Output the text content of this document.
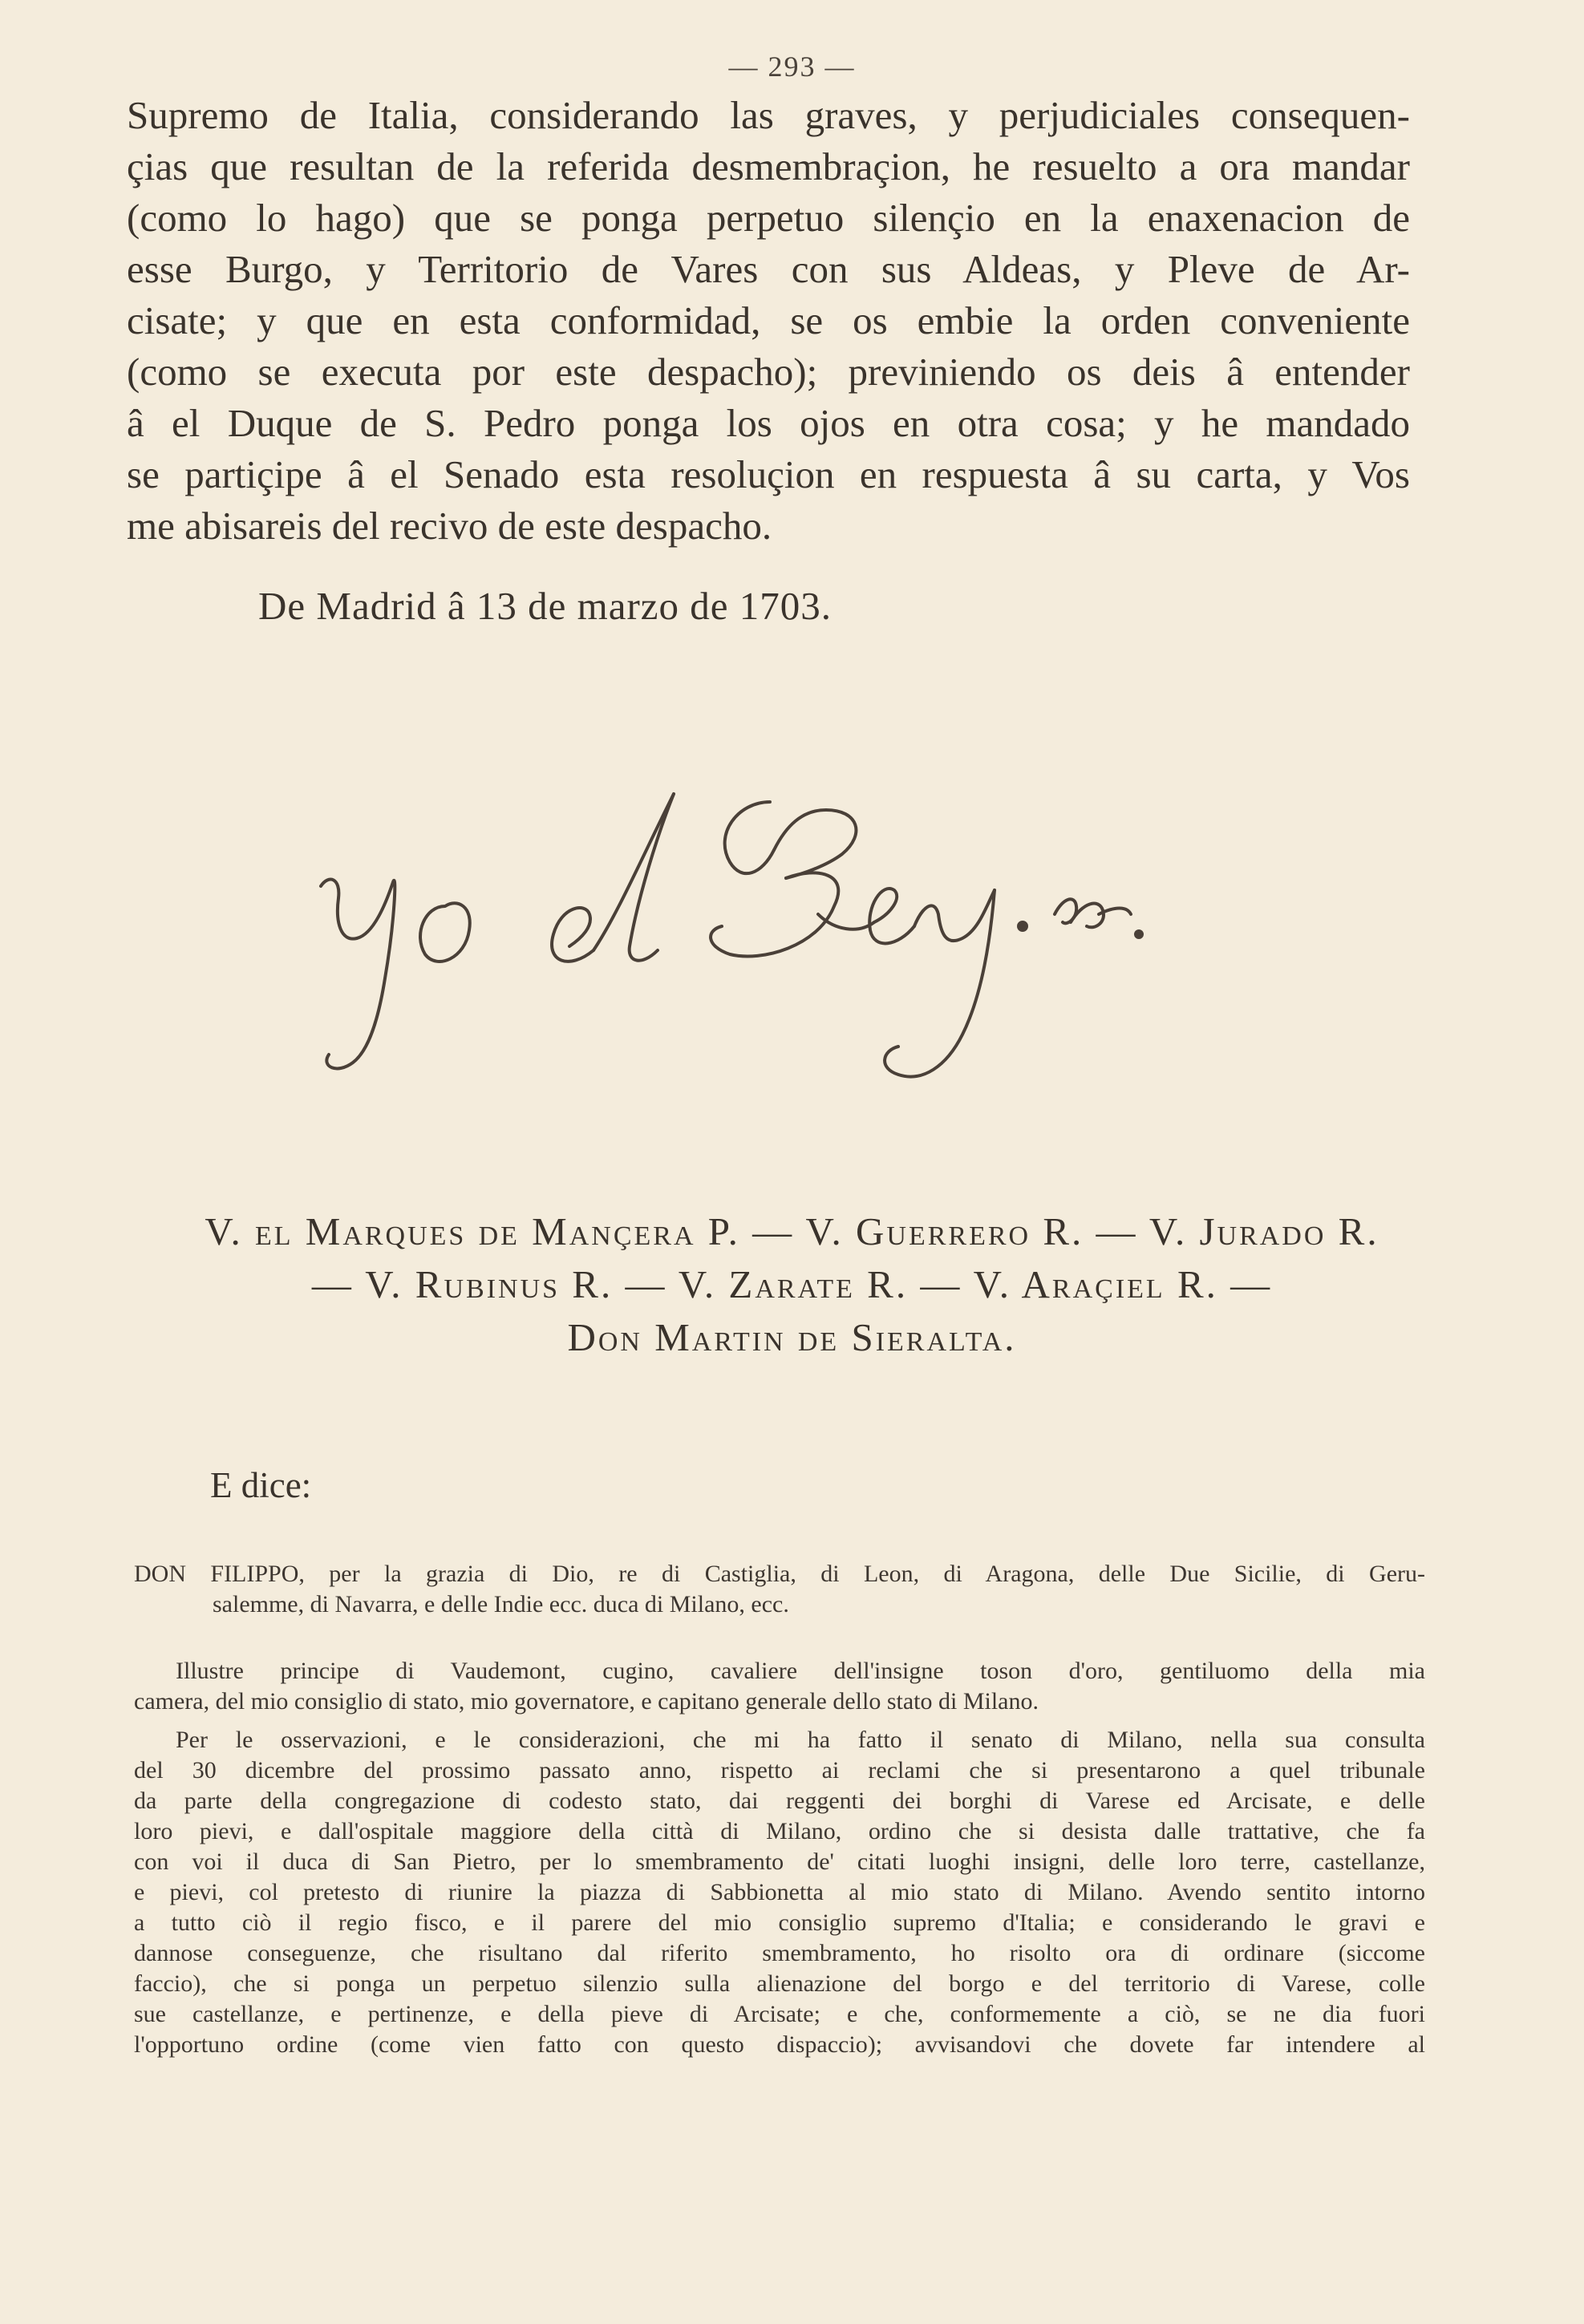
— 293 —
Supremo de Italia, considerando las graves, y perjudiciales consequen-
çias que resultan de la referida desmembraçion, he resuelto a ora mandar
(como lo hago) que se ponga perpetuo silençio en la enaxenacion de
esse Burgo, y Territorio de Vares con sus Aldeas, y Pleve de Ar-
cisate; y que en esta conformidad, se os embie la orden conveniente
(como se executa por este despacho); previniendo os deis â entender
â el Duque de S. Pedro ponga los ojos en otra cosa; y he mandado
se partiçipe â el Senado esta resoluçion en respuesta â su carta, y Vos
me abisareis del recivo de este despacho.
De Madrid â 13 de marzo de 1703.
V. el Marques de Mançera P. — V. Guerrero R. — V. Jurado R.
— V. Rubinus R. — V. Zarate R. — V. Araçiel R. —
Don Martin de Sieralta.
E dice:
DON FILIPPO, per la grazia di Dio, re di Castiglia, di Leon, di Aragona, delle Due Sicilie, di Geru-
salemme, di Navarra, e delle Indie ecc. duca di Milano, ecc.
Illustre principe di Vaudemont, cugino, cavaliere dell'insigne toson d'oro, gentiluomo della mia
camera, del mio consiglio di stato, mio governatore, e capitano generale dello stato di Milano.
Per le osservazioni, e le considerazioni, che mi ha fatto il senato di Milano, nella sua consulta
del 30 dicembre del prossimo passato anno, rispetto ai reclami che si presentarono a quel tribunale
da parte della congregazione di codesto stato, dai reggenti dei borghi di Varese ed Arcisate, e delle
loro pievi, e dall'ospitale maggiore della città di Milano, ordino che si desista dalle trattative, che fa
con voi il duca di San Pietro, per lo smembramento de' citati luoghi insigni, delle loro terre, castellanze,
e pievi, col pretesto di riunire la piazza di Sabbionetta al mio stato di Milano. Avendo sentito intorno
a tutto ciò il regio fisco, e il parere del mio consiglio supremo d'Italia; e considerando le gravi e
dannose conseguenze, che risultano dal riferito smembramento, ho risolto ora di ordinare (siccome
faccio), che si ponga un perpetuo silenzio sulla alienazione del borgo e del territorio di Varese, colle
sue castellanze, e pertinenze, e della pieve di Arcisate; e che, conformemente a ciò, se ne dia fuori
l'opportuno ordine (come vien fatto con questo dispaccio); avvisandovi che dovete far intendere al
